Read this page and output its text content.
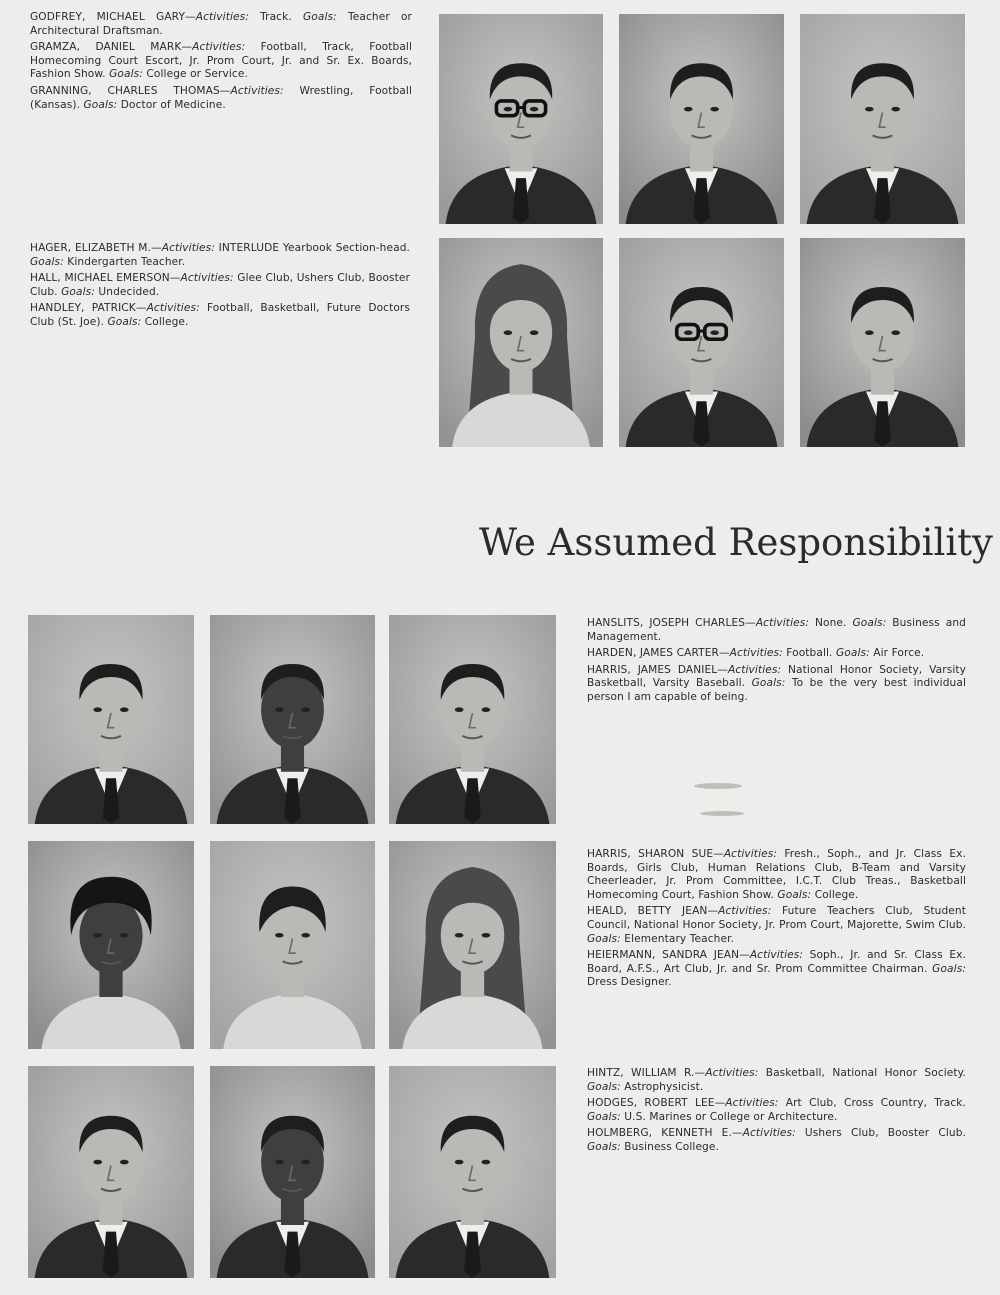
GODFREY, MICHAEL GARY—Activities: Track. Goals: Teacher or Architectural Draftsman.

GRAMZA, DANIEL MARK—Activities: Football, Track, Football Homecoming Court Escort, Jr. Prom Court, Jr. and Sr. Ex. Boards, Fashion Show. Goals: College or Service.

GRANNING, CHARLES THOMAS—Activities: Wrestling, Football (Kansas). Goals: Doctor of Medicine.

HAGER, ELIZABETH M.—Activities: INTERLUDE Yearbook Section-head. Goals: Kindergarten Teacher.

HALL, MICHAEL EMERSON—Activities: Glee Club, Ushers Club, Booster Club. Goals: Undecided.

HANDLEY, PATRICK—Activities: Football, Basketball, Future Doctors Club (St. Joe). Goals: College.

We Assumed Responsibility

HANSLITS, JOSEPH CHARLES—Activities: None. Goals: Business and Management.

HARDEN, JAMES CARTER—Activities: Football. Goals: Air Force.

HARRIS, JAMES DANIEL—Activities: National Honor Society, Varsity Basketball, Varsity Baseball. Goals: To be the very best individual person I am capable of being.

HARRIS, SHARON SUE—Activities: Fresh., Soph., and Jr. Class Ex. Boards, Girls Club, Human Relations Club, B-Team and Varsity Cheerleader, Jr. Prom Committee, I.C.T. Club Treas., Basketball Homecoming Court, Fashion Show. Goals: College.

HEALD, BETTY JEAN—Activities: Future Teachers Club, Student Council, National Honor Society, Jr. Prom Court, Majorette, Swim Club. Goals: Elementary Teacher.

HEIERMANN, SANDRA JEAN—Activities: Soph., Jr. and Sr. Class Ex. Board, A.F.S., Art Club, Jr. and Sr. Prom Committee Chairman. Goals: Dress Designer.

HINTZ, WILLIAM R.—Activities: Basketball, National Honor Society. Goals: Astrophysicist.

HODGES, ROBERT LEE—Activities: Art Club, Cross Country, Track. Goals: U.S. Marines or College or Architecture.

HOLMBERG, KENNETH E.—Activities: Ushers Club, Booster Club. Goals: Business College.
